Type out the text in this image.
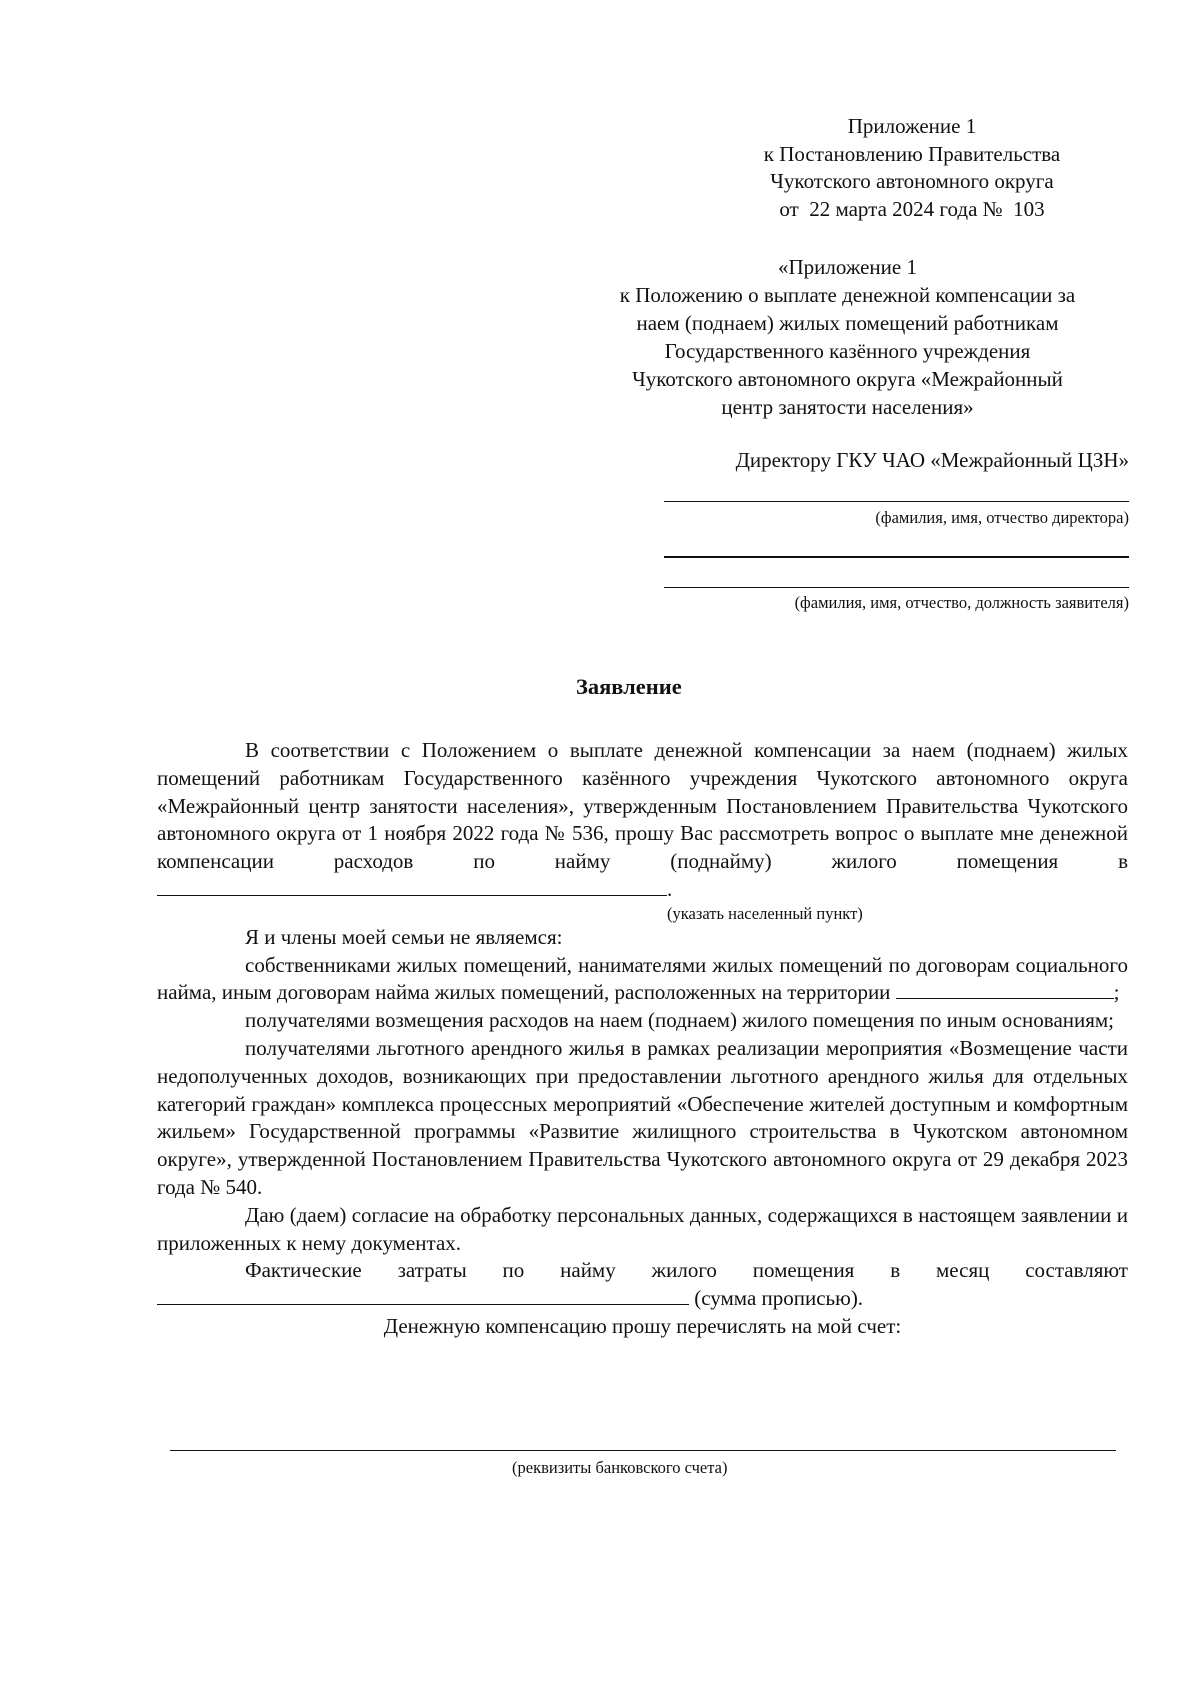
Приложение 1
к Постановлению Правительства
Чукотского автономного округа
от  22 марта 2024 года №  103
«Приложение 1
к Положению о выплате денежной компенсации за
наем (поднаем) жилых помещений работникам
Государственного казённого учреждения
Чукотского автономного округа «Межрайонный
центр занятости населения»
Директору ГКУ ЧАО «Межрайонный ЦЗН»
(фамилия, имя, отчество директора)
(фамилия, имя, отчество, должность заявителя)
Заявление

В соответствии с Положением о выплате денежной компенсации за наем (поднаем) жилых помещений работникам Государственного казённого учреждения Чукотского автономного округа «Межрайонный центр занятости населения», утвержденным Постановлением Правительства Чукотского автономного округа от 1 ноября 2022 года № 536, прошу Вас рассмотреть вопрос о выплате мне денежной компенсации расходов по найму (поднайму) жилого помещения в .

(указать населенный пункт)

Я и члены моей семьи не являемся:

собственниками жилых помещений, нанимателями жилых помещений по договорам социального найма, иным договорам найма жилых помещений, расположенных на территории	;

получателями возмещения расходов на наем (поднаем) жилого помещения по иным основаниям;

получателями льготного арендного жилья в рамках реализации мероприятия «Возмещение части недополученных доходов, возникающих при предоставлении льготного арендного жилья для отдельных категорий граждан» комплекса процессных мероприятий «Обеспечение жителей доступным и комфортным жильем» Государственной программы «Развитие жилищного строительства в Чукотском автономном округе», утвержденной Постановлением Правительства Чукотского автономного округа от 29 декабря 2023 года № 540.

Даю (даем) согласие на обработку персональных данных, содержащихся в настоящем заявлении и приложенных к нему документах.

Фактические затраты по найму жилого помещения в месяц составляют  (сумма прописью).

Денежную компенсацию прошу перечислять на мой счет:

(реквизиты банковского счета)
